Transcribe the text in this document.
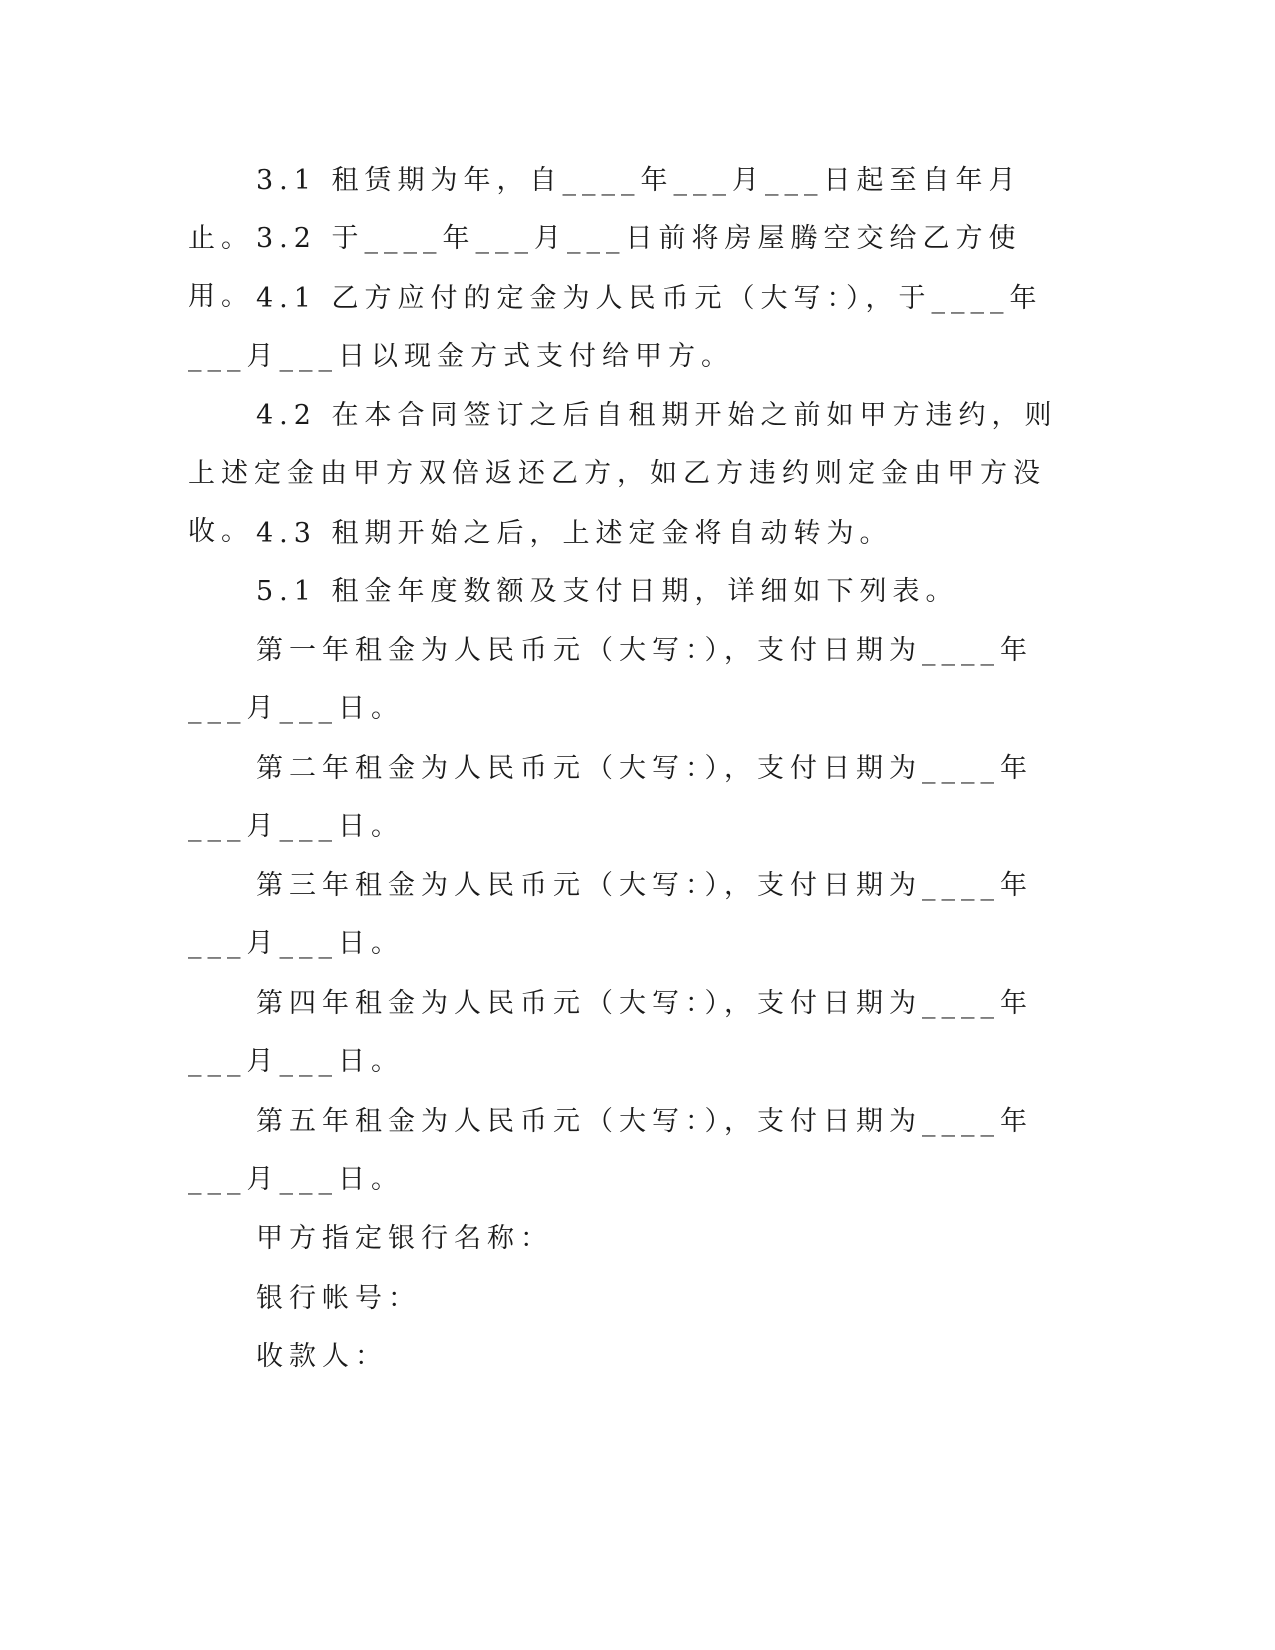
3.1 租赁期为年，自____年___月___日起至自年月止。 3.2 于____年___月___日前将房屋腾空交给乙方使用。 4.1 乙方应付的定金为人民币元（大写：），于____年___月___日以现金方式支付给甲方。

4.2 在本合同签订之后自租期开始之前如甲方违约，则上述定金由甲方双倍返还乙方，如乙方违约则定金由甲方没收。 4.3 租期开始之后，上述定金将自动转为。

5.1 租金年度数额及支付日期，详细如下列表。

第一年租金为人民币元（大写：），支付日期为____年___月___日。

第二年租金为人民币元（大写：），支付日期为____年___月___日。

第三年租金为人民币元（大写：），支付日期为____年___月___日。

第四年租金为人民币元（大写：），支付日期为____年___月___日。

第五年租金为人民币元（大写：），支付日期为____年___月___日。

甲方指定银行名称：

银行帐号：

收款人：
